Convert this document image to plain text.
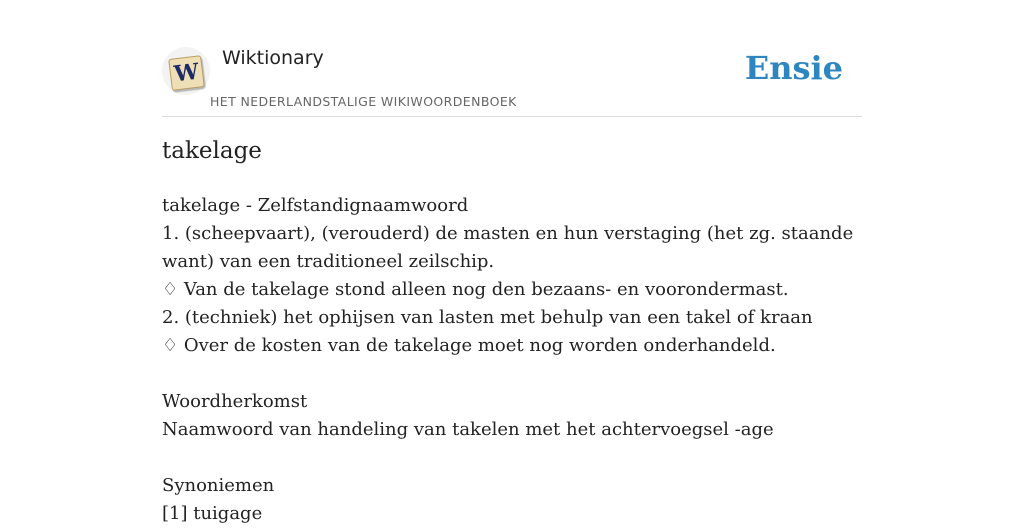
W
Wiktionary
HET NEDERLANDSTALIGE WIKIWOORDENBOEK
Ensie
takelage
takelage - Zelfstandignaamwoord
1. (scheepvaart), (verouderd) de masten en hun verstaging (het zg. staande want) van een traditioneel zeilschip.
♢ Van de takelage stond alleen nog den bezaans- en voorondermast.
2. (techniek) het ophijsen van lasten met behulp van een takel of kraan
♢ Over de kosten van de takelage moet nog worden onderhandeld.
Woordherkomst
Naamwoord van handeling van takelen met het achtervoegsel -age
Synoniemen
[1] tuigage
